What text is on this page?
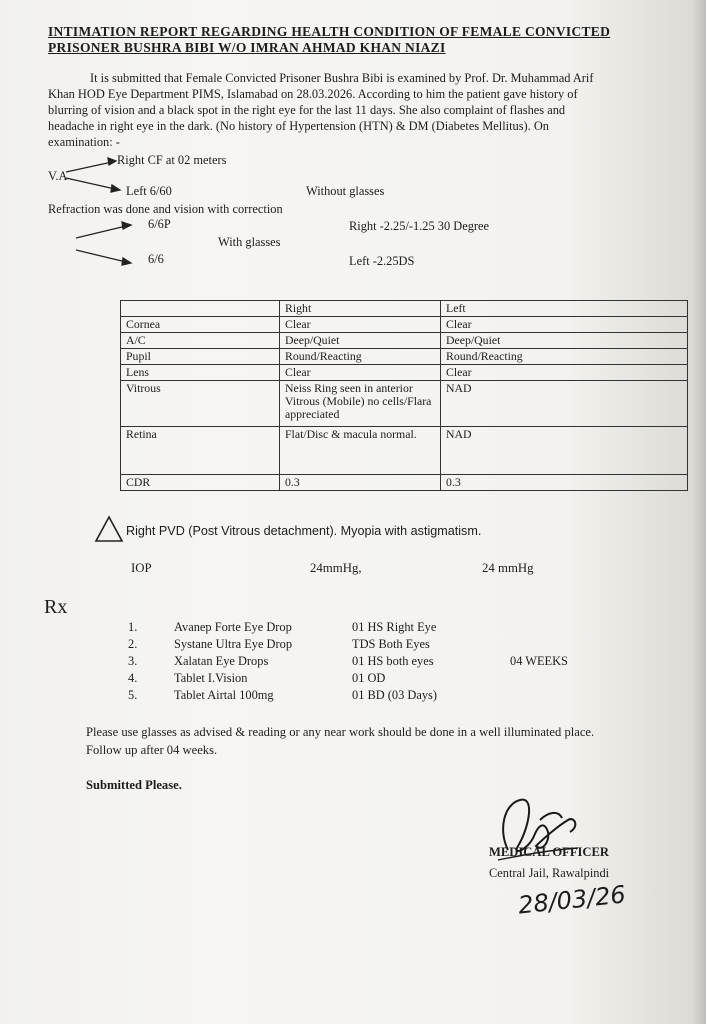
INTIMATION REPORT REGARDING HEALTH CONDITION OF FEMALE CONVICTED
PRISONER BUSHRA BIBI W/O IMRAN AHMAD KHAN NIAZI
It is submitted that Female Convicted Prisoner Bushra Bibi is examined by Prof. Dr. Muhammad Arif
Khan HOD Eye Department PIMS, Islamabad on 28.03.2026. According to him the patient gave history of
blurring of vision and a black spot in the right eye for the last 11 days. She also complaint of flashes and
headache in right eye in the dark. (No history of Hypertension (HTN) & DM (Diabetes Mellitus). On
examination: -
V.A
Right CF at 02 meters
Left 6/60	Without glasses
Refraction was done and vision with correction
6/6P	Right -2.25/-1.25 30 Degree
With glasses
6/6	Left -2.25DS
	Right	Left
Cornea	Clear	Clear
A/C	Deep/Quiet	Deep/Quiet
Pupil	Round/Reacting	Round/Reacting
Lens	Clear	Clear
Vitrous	Neiss Ring seen in anterior Vitrous (Mobile) no cells/Flara appreciated	NAD
Retina	Flat/Disc & macula normal.	NAD
CDR	0.3	0.3
Right PVD (Post Vitrous detachment). Myopia with astigmatism.
IOP	24mmHg,	24 mmHg
Rx
1.	Avanep Forte Eye Drop	01 HS Right Eye
2.	Systane Ultra Eye Drop	TDS Both Eyes
3.	Xalatan Eye Drops	01 HS both eyes	04 WEEKS
4.	Tablet I.Vision	01 OD
5.	Tablet Airtal 100mg	01 BD (03 Days)
Please use glasses as advised & reading or any near work should be done in a well illuminated place.
Follow up after 04 weeks.
Submitted Please.
MEDICAL OFFICER
Central Jail, Rawalpindi
28/03/26
